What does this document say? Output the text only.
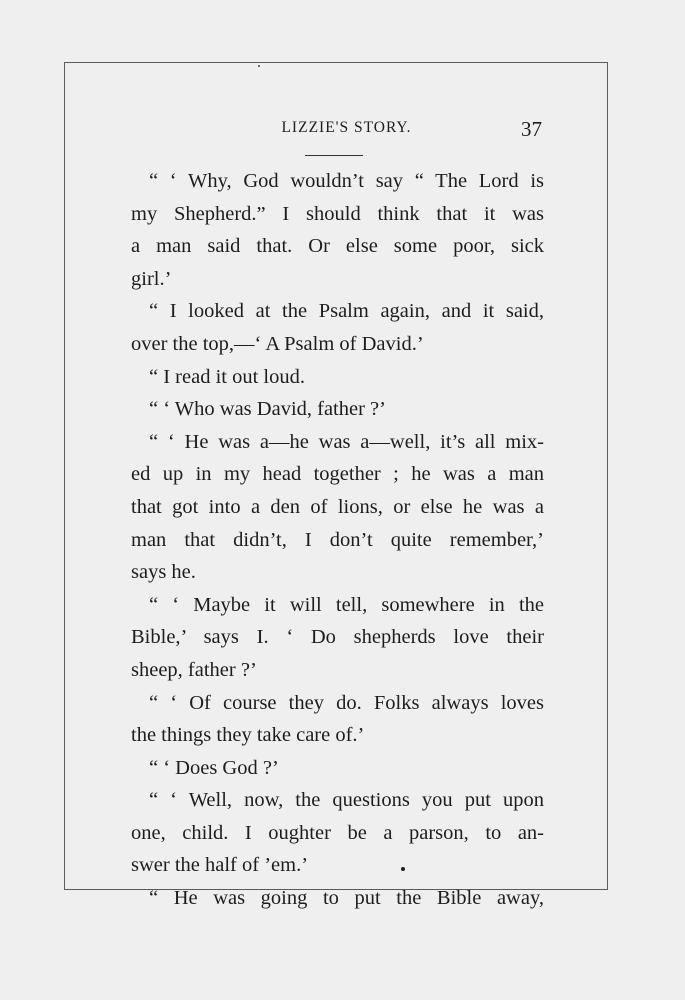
LIZZIE'S STORY.	37
“ ‘ Why, God wouldn’t say “ The Lord is
my Shepherd.” I should think that it was
a man said that. Or else some poor, sick
girl.’
“ I looked at the Psalm again, and it said,
over the top,—‘ A Psalm of David.’
“ I read it out loud.
“ ‘ Who was David, father ?’
“ ‘ He was a—he was a—well, it’s all mix-
ed up in my head together ; he was a man
that got into a den of lions, or else he was a
man that didn’t, I don’t quite remember,’
says he.
“ ‘ Maybe it will tell, somewhere in the
Bible,’ says I. ‘ Do shepherds love their
sheep, father ?’
“ ‘ Of course they do. Folks always loves
the things they take care of.’
“ ‘ Does God ?’
“ ‘ Well, now, the questions you put upon
one, child. I oughter be a parson, to an-
swer the half of ’em.’
“ He was going to put the Bible away,
